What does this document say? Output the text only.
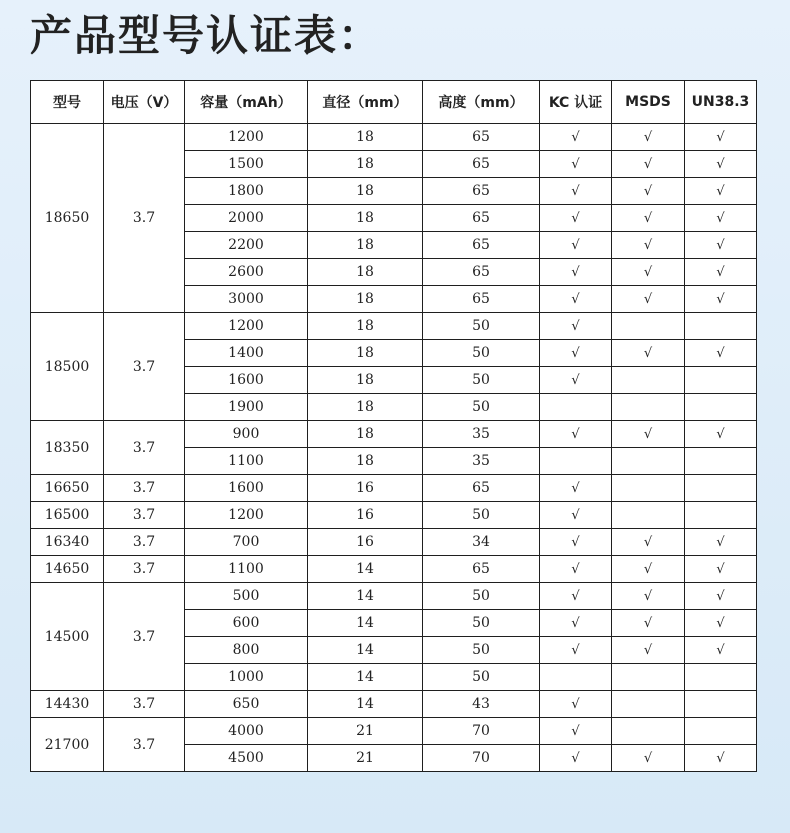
产品型号认证表：
型号	电压（V）	容量（mAh）	直径（mm）	高度（mm）	KC 认证	MSDS	UN38.3
18650	3.7	1200	18	65	√	√	√
		1500	18	65	√	√	√
		1800	18	65	√	√	√
		2000	18	65	√	√	√
		2200	18	65	√	√	√
		2600	18	65	√	√	√
		3000	18	65	√	√	√
18500	3.7	1200	18	50	√		
		1400	18	50	√	√	√
		1600	18	50	√		
		1900	18	50			
18350	3.7	900	18	35	√	√	√
		1100	18	35			
16650	3.7	1600	16	65	√		
16500	3.7	1200	16	50	√		
16340	3.7	700	16	34	√	√	√
14650	3.7	1100	14	65	√	√	√
14500	3.7	500	14	50	√	√	√
		600	14	50	√	√	√
		800	14	50	√	√	√
		1000	14	50			
14430	3.7	650	14	43	√		
21700	3.7	4000	21	70	√		
		4500	21	70	√	√	√
